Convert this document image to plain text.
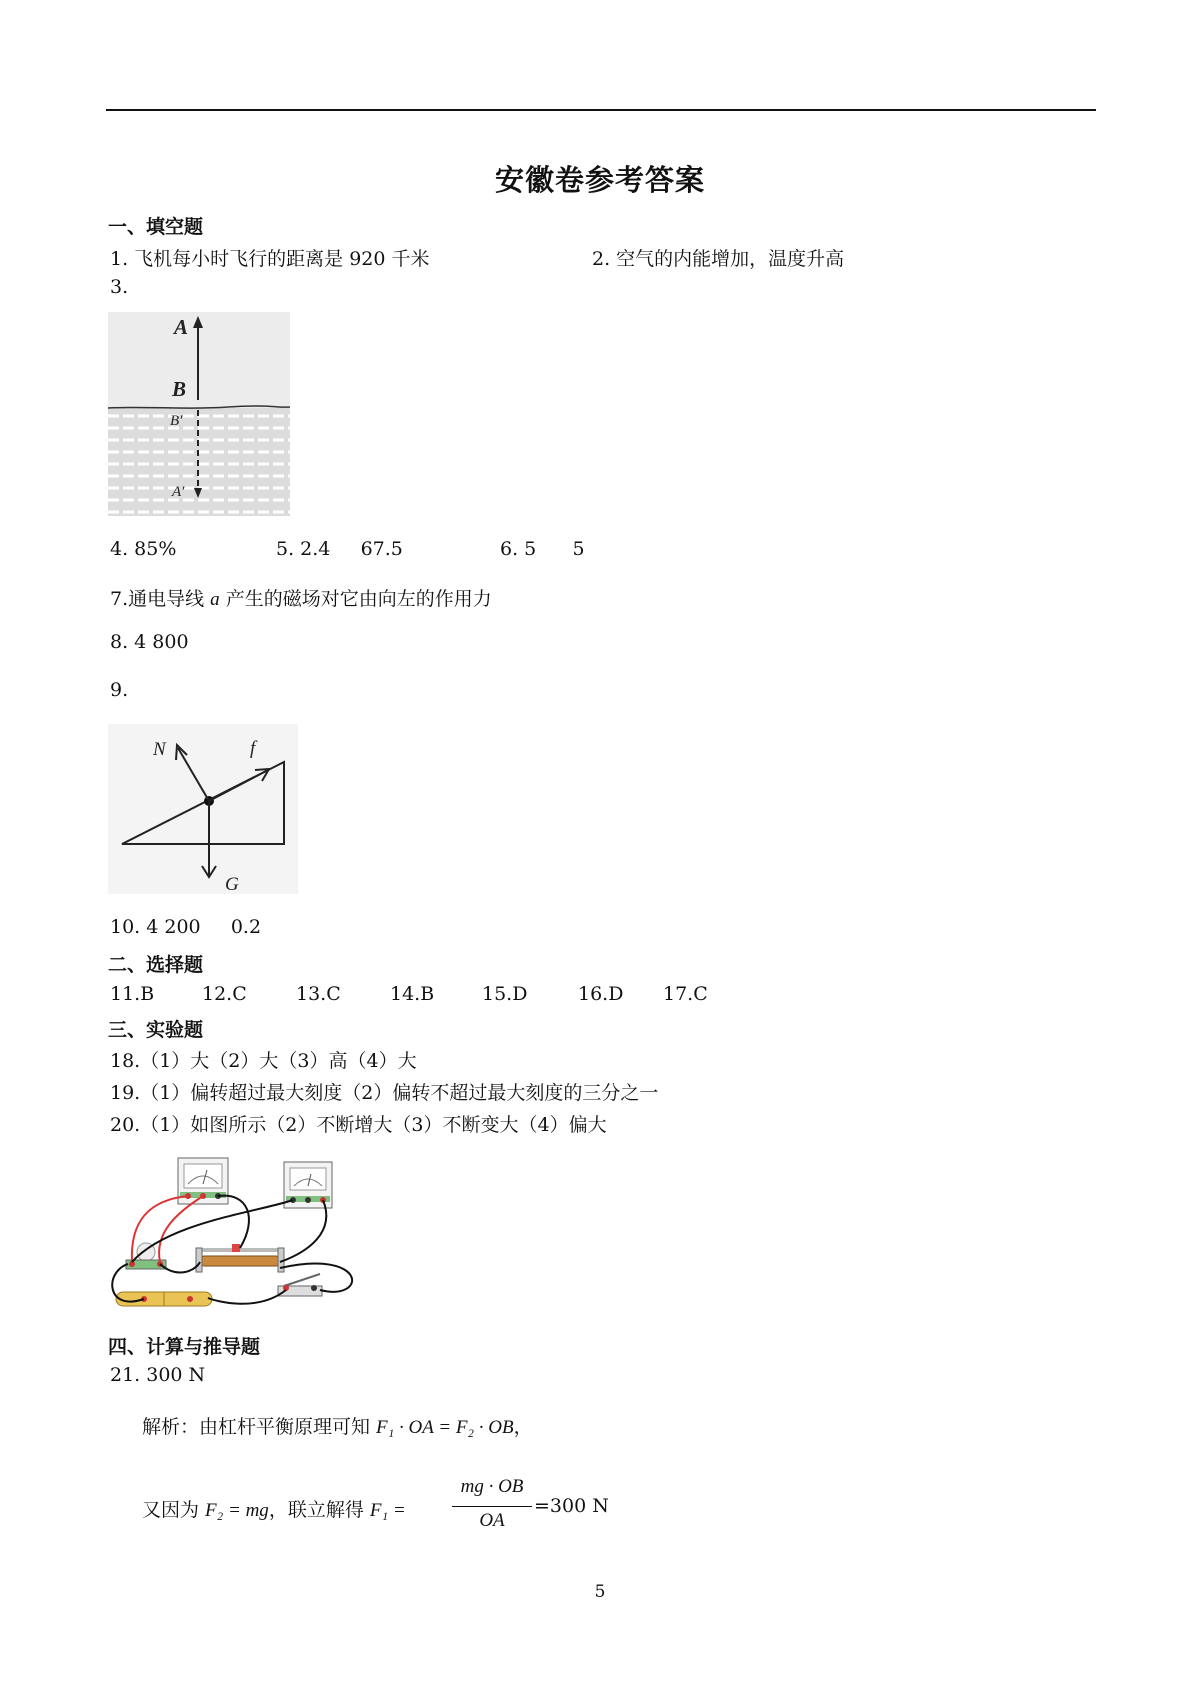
安徽卷参考答案
一、填空题
1. 飞机每小时飞行的距离是 920 千米	2. 空气的内能增加，温度升高
3.
A
B
B′
A′
4. 85%	5. 2.4     67.5	6. 5      5
7.通电导线 a 产生的磁场对它由向左的作用力
8. 4 800
9.
N	f
G
10. 4 200     0.2
二、选择题
11.B	12.C	13.C	14.B	15.D	16.D 17.C
三、实验题
18.（1）大（2）大（3）高（4）大
19.（1）偏转超过最大刻度（2）偏转不超过最大刻度的三分之一
20.（1）如图所示（2）不断增大（3）不断变大（4）偏大
四、计算与推导题
21. 300 N
解析：由杠杆平衡原理可知 F₁ · OA = F₂ · OB，
又因为 F₂ = mg，联立解得 F₁ =
mg · OB
OA
=300 N
5
